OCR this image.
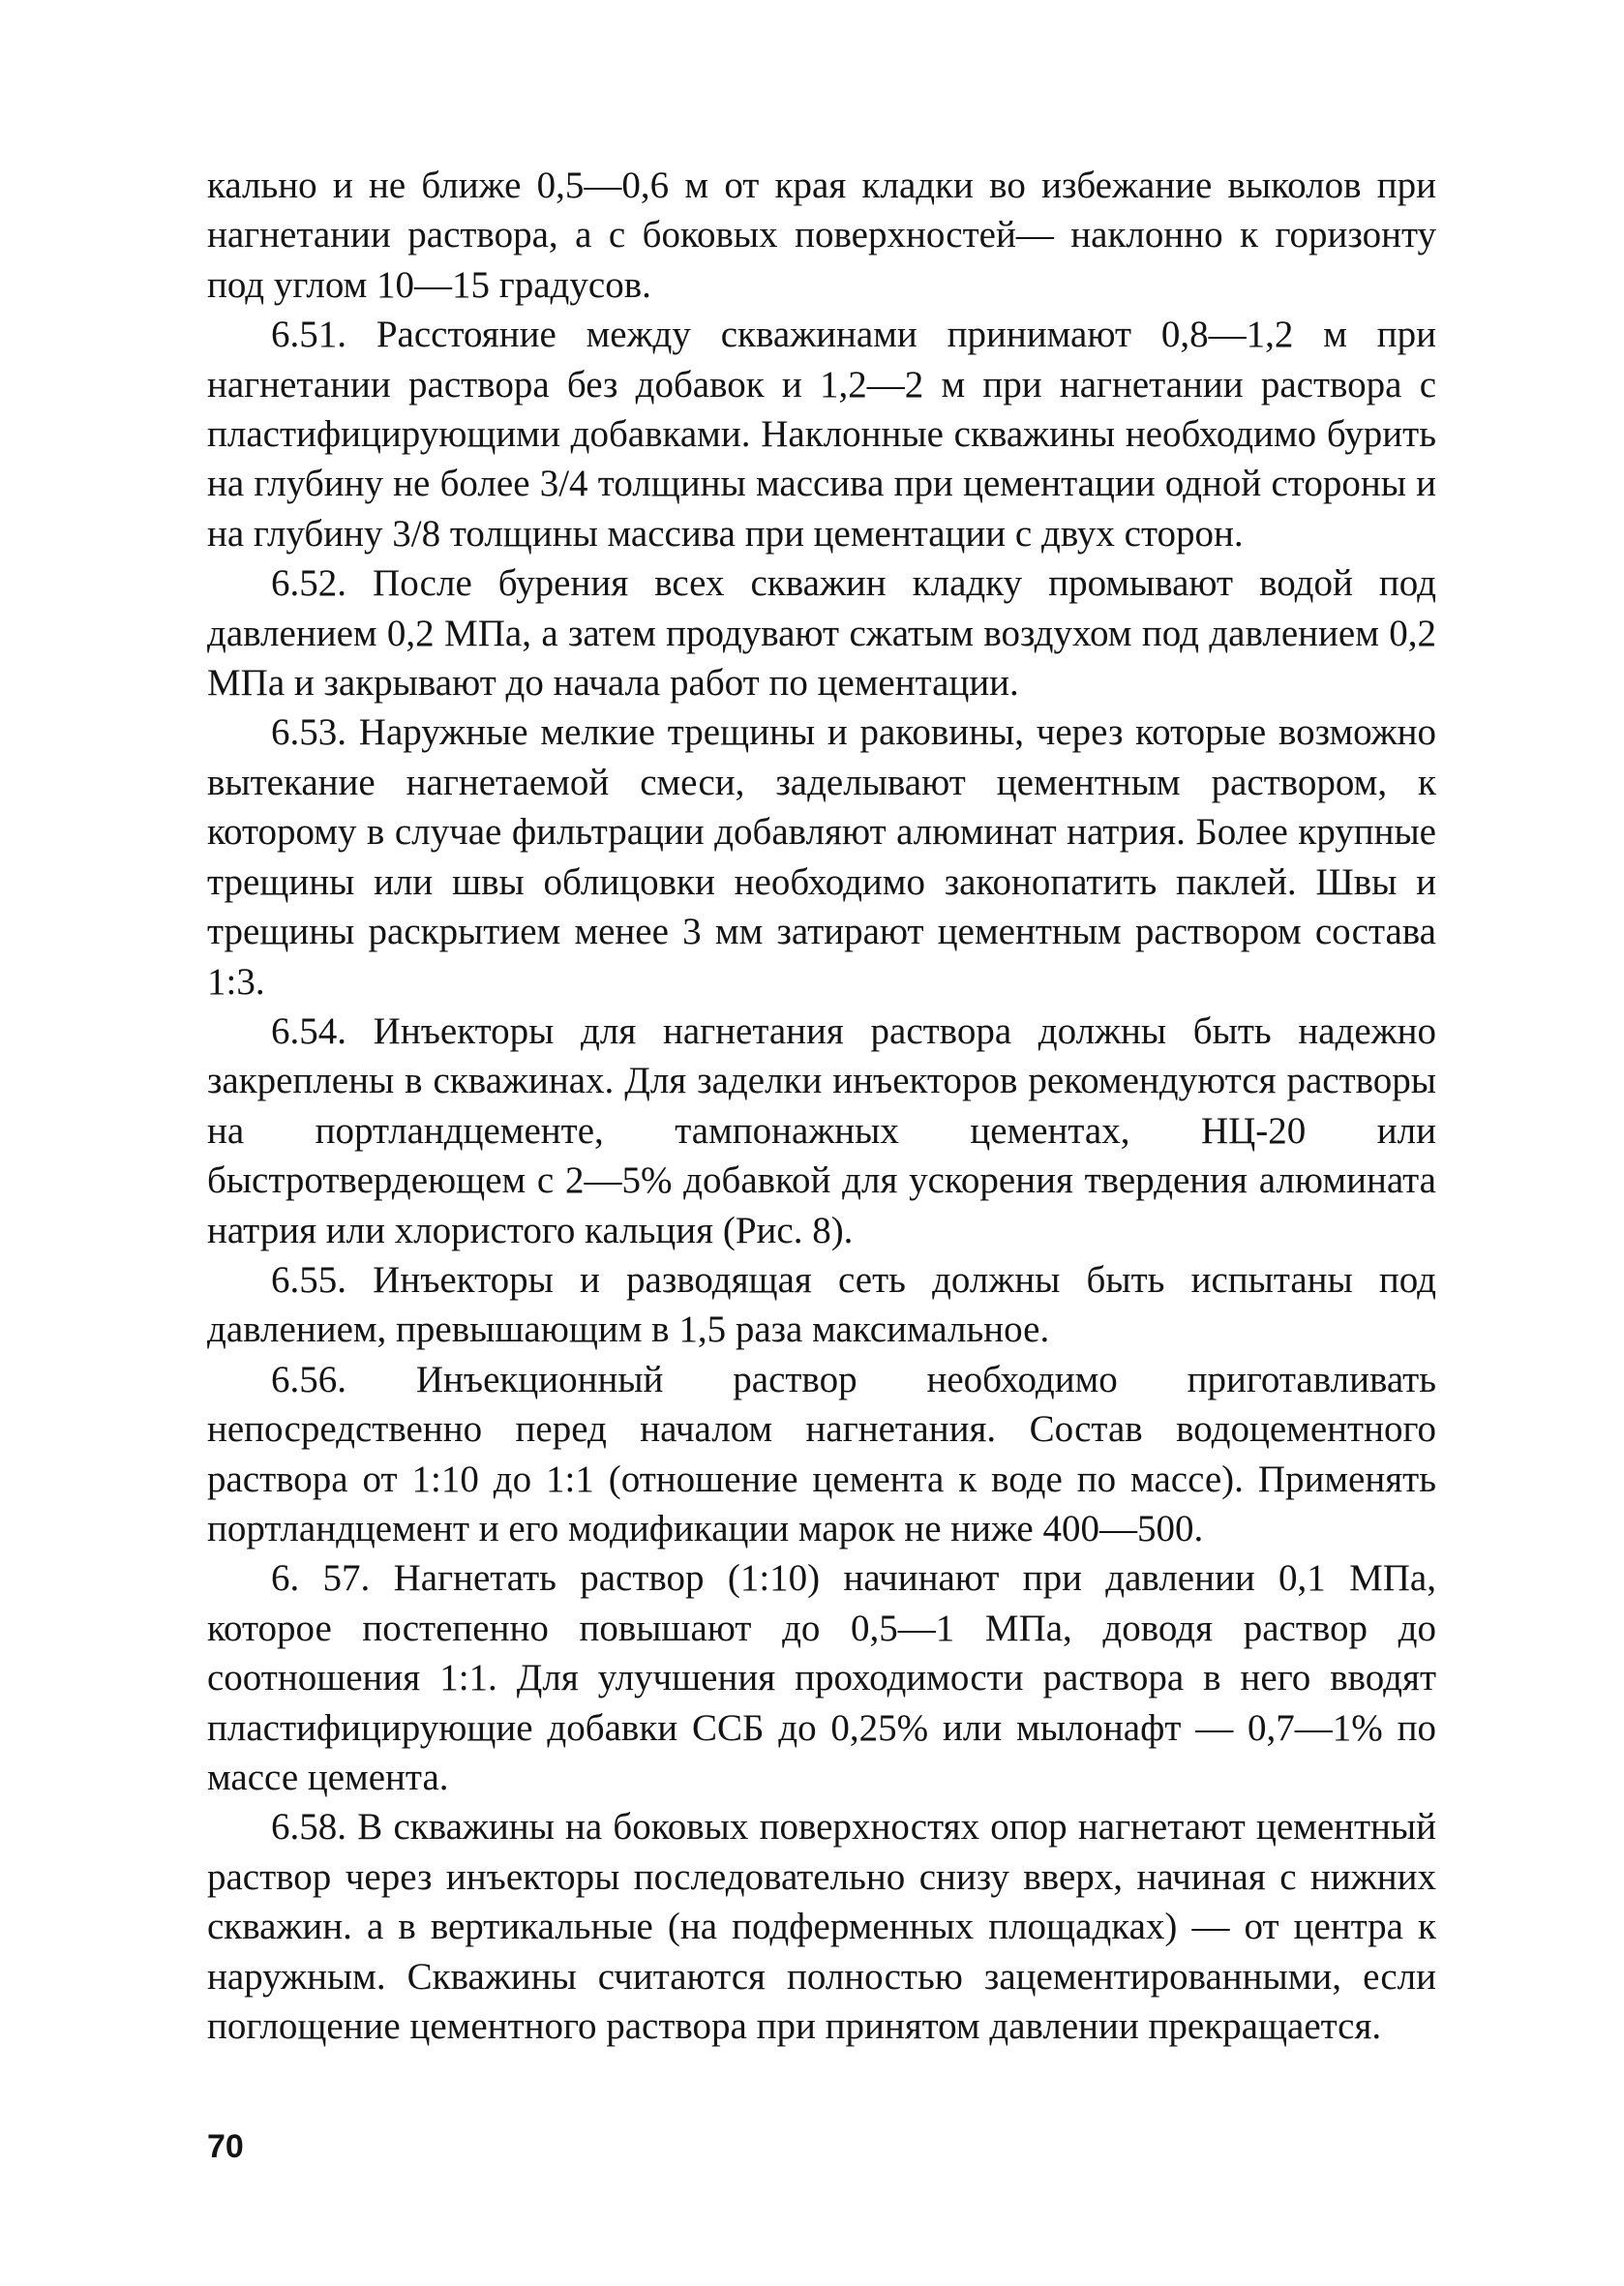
кально и не ближе 0,5—0,6 м от края кладки во избежание выколов при нагнетании раствора, а с боковых поверхностей— наклонно к горизонту под углом 10—15 градусов.

6.51. Расстояние между скважинами принимают 0,8—1,2 м при нагнетании раствора без добавок и 1,2—2 м при нагнетании раствора с пластифицирующими добавками. Наклонные скважины необходимо бурить на глубину не более 3/4 толщины массива при цементации одной стороны и на глубину 3/8 толщины массива при цементации с двух сторон.

6.52. После бурения всех скважин кладку промывают водой под давлением 0,2 МПа, а затем продувают сжатым воздухом под давлением 0,2 МПа и закрывают до начала работ по цементации.

6.53. Наружные мелкие трещины и раковины, через которые возможно вытекание нагнетаемой смеси, заделывают цементным раствором, к которому в случае фильтрации добавляют алюминат натрия. Более крупные трещины или швы облицовки необходимо законопатить паклей. Швы и трещины раскрытием менее 3 мм затирают цементным раствором состава 1:3.

6.54. Инъекторы для нагнетания раствора должны быть надежно закреплены в скважинах. Для заделки инъекторов рекомендуются растворы на портландцементе, тампонажных цементах, НЦ-20 или быстротвердеющем с 2—5% добавкой для ускорения твердения алюмината натрия или хлористого кальция (Рис. 8).

6.55. Инъекторы и разводящая сеть должны быть испытаны под давлением, превышающим в 1,5 раза максимальное.

6.56. Инъекционный раствор необходимо приготавливать непосредственно перед началом нагнетания. Состав водоцементного раствора от 1:10 до 1:1 (отношение цемента к воде по массе). Применять портландцемент и его модификации марок не ниже 400—500.

6. 57. Нагнетать раствор (1:10) начинают при давлении 0,1 МПа, которое постепенно повышают до 0,5—1 МПа, доводя раствор до соотношения 1:1. Для улучшения проходимости раствора в него вводят пластифицирующие добавки ССБ до 0,25% или мылонафт — 0,7—1% по массе цемента.

6.58. В скважины на боковых поверхностях опор нагнетают цементный раствор через инъекторы последовательно снизу вверх, начиная с нижних скважин. а в вертикальные (на подферменных площадках) — от центра к наружным. Скважины считаются полностью зацементированными, если поглощение цементного раствора при принятом давлении прекращается.

70
